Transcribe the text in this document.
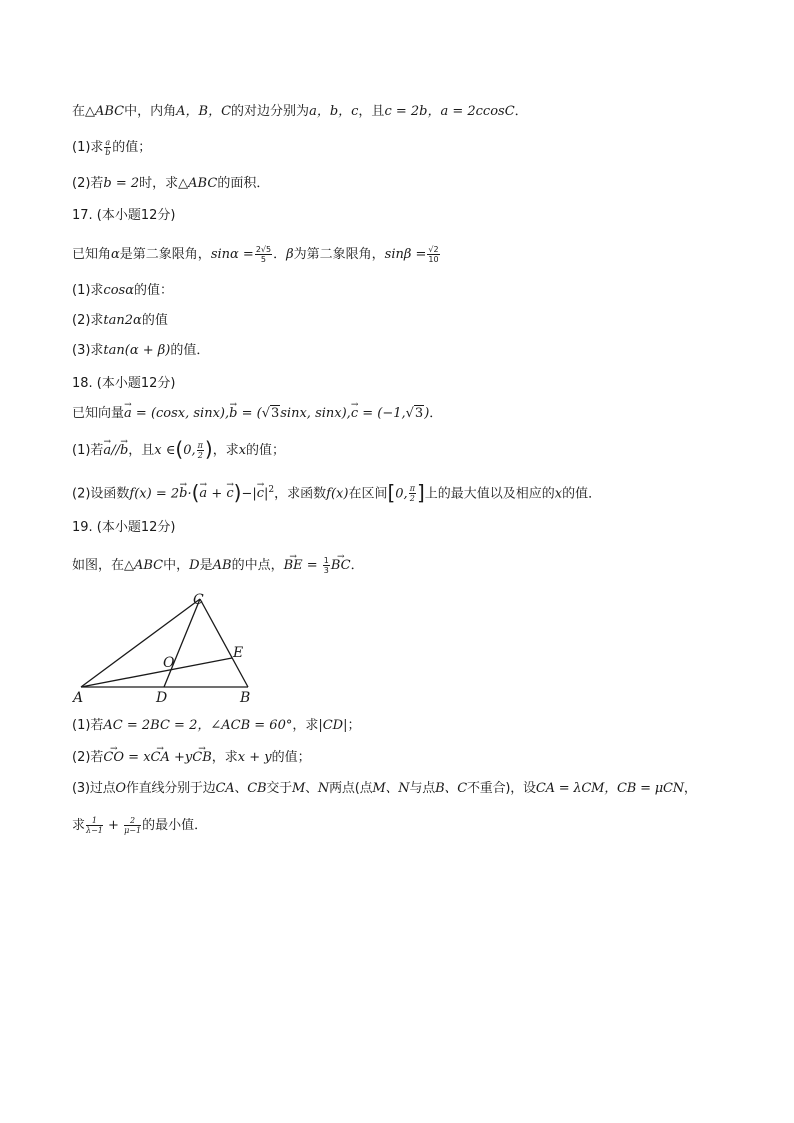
在△ABC中，内角A，B，C的对边分别为a，b，c，且c = 2b，a = 2ccosC．

(1)求 $\frac{a}{b}$ 的值；

(2)若b = 2时，求△ABC的面积．

17. (本小题12分)

已知角α是第二象限角，$\sin\alpha = \frac{2√5}{5}$ ．β为第二象限角，$\sin\beta = \frac{√2}{10}$

(1)求cosα的值：

(2)求tan2α的值

(3)求tan(α + β)的值．

18. (本小题12分)

已知向量→ a = (cosx, sinx),→ b = (√3sinx, sinx),→ c = (−1,√3)．

(1)若→ a//→ b，且x ∈(0, $\frac{\pi}{2}$ )，求x的值；

(2)设函数f(x) = 2→ b·(→ a + → $c)-|\to c|^2$，求函数f(x)在区间[0, $\frac{\pi}{2}$ ]上的最大值以及相应的x的值．

19. (本小题12分)

如图，在△ABC中，D是AB的中点，→ BE = $\frac{1}{3}$
→ BC．

C
E
O
A	D	B

(1)若AC = 2BC = 2，∠ACB = 60°，求|CD|；

(2)若→ CO = x→ CA +y→ CB，求x + y的值；

(3)过点O作直线分别于边CA、CB交于M、N两点(点M、N与点B、C不重合)，设CA = λCM，CB = μCN，

求 $\frac{1}{\lambda-1} + \frac{2}{\mu-1}$ 的最小值．
